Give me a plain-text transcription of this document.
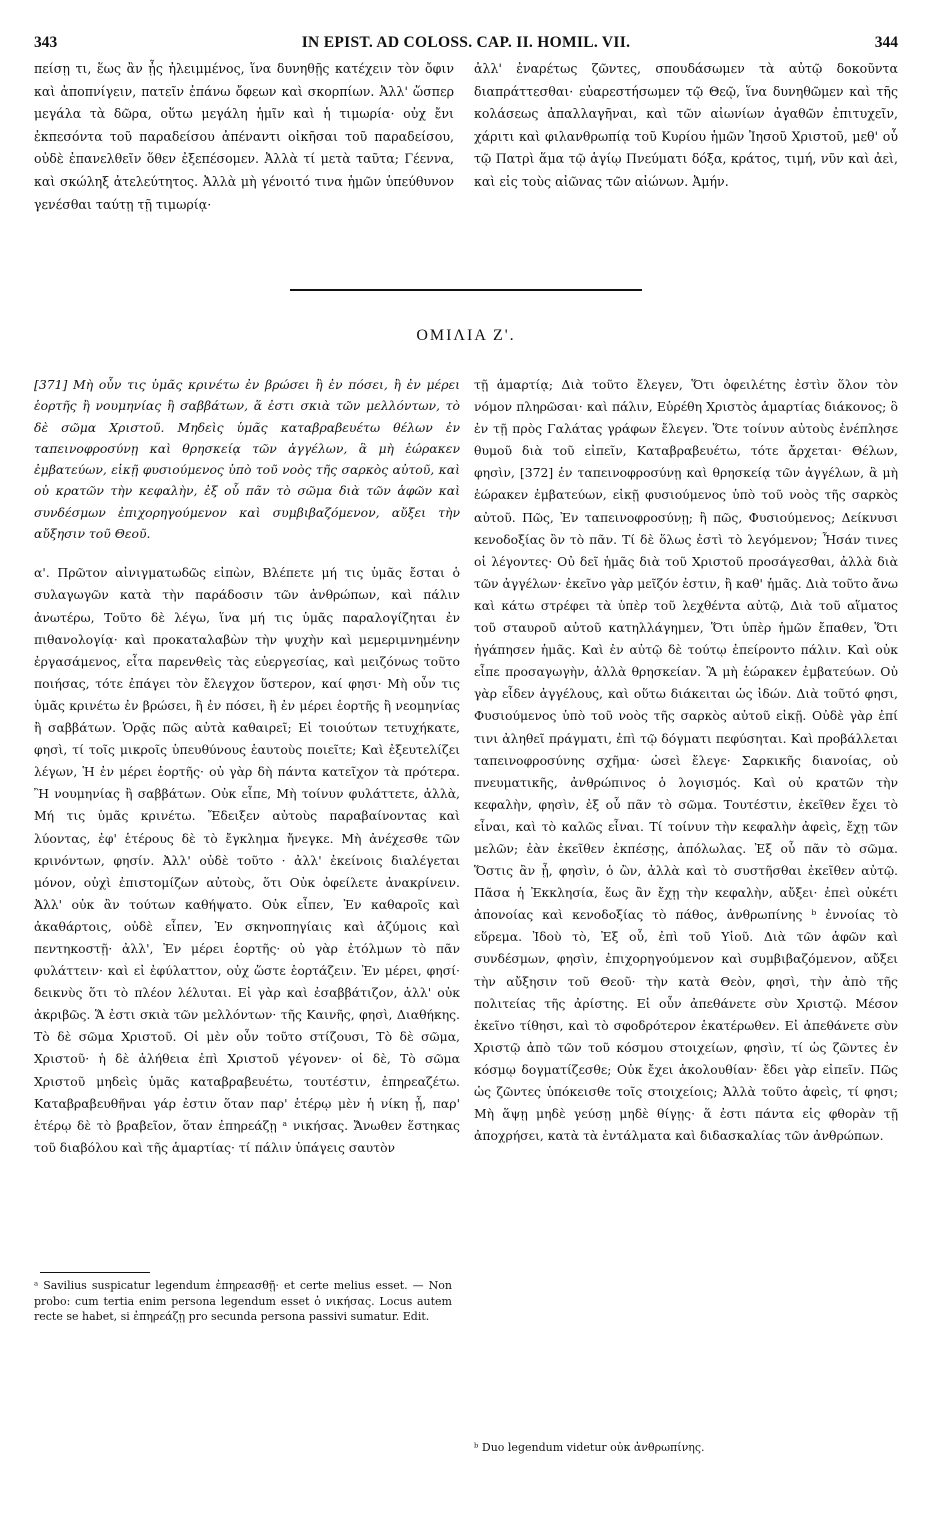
343	IN EPIST. AD COLOSS. CAP. II. HOMIL. VII.	344

πείσῃ τι, ἕως ἂν ᾖς ἠλειμμένος, ἵνα δυνηθῇς κατέχειν τὸν ὄφιν καὶ ἀποπνίγειν, πατεῖν ἐπάνω ὄφεων καὶ σκορπίων. Ἀλλ' ὥσπερ μεγάλα τὰ δῶρα, οὕτω μεγάλη ἡμῖν καὶ ἡ τιμωρία· οὐχ ἔνι ἐκπεσόντα τοῦ παραδείσου ἀπέναντι οἰκῆσαι τοῦ παραδείσου, οὐδὲ ἐπανελθεῖν ὅθεν ἐξεπέσομεν. Ἀλλὰ τί μετὰ ταῦτα; Γέεννα, καὶ σκώληξ ἀτελεύτητος. Ἀλλὰ μὴ γένοιτό τινα ἡμῶν ὑπεύθυνον γενέσθαι ταύτῃ τῇ τιμωρίᾳ·

ἀλλ' ἐναρέτως ζῶντες, σπουδάσωμεν τὰ αὐτῷ δοκοῦντα διαπράττεσθαι· εὐαρεστήσωμεν τῷ Θεῷ, ἵνα δυνηθῶμεν καὶ τῆς κολάσεως ἀπαλλαγῆναι, καὶ τῶν αἰωνίων ἀγαθῶν ἐπιτυχεῖν, χάριτι καὶ φιλανθρωπίᾳ τοῦ Κυρίου ἡμῶν Ἰησοῦ Χριστοῦ, μεθ' οὗ τῷ Πατρὶ ἅμα τῷ ἁγίῳ Πνεύματι δόξα, κράτος, τιμή, νῦν καὶ ἀεὶ, καὶ εἰς τοὺς αἰῶνας τῶν αἰώνων. Ἀμήν.

ΟΜΙΛΙΑ Ζ'.

[371] Μὴ οὖν τις ὑμᾶς κρινέτω ἐν βρώσει ἢ ἐν πόσει, ἢ ἐν μέρει ἑορτῆς ἢ νουμηνίας ἢ σαββάτων, ἅ ἐστι σκιὰ τῶν μελλόντων, τὸ δὲ σῶμα Χριστοῦ. Μηδεὶς ὑμᾶς καταβραβευέτω θέλων ἐν ταπεινοφροσύνῃ καὶ θρησκείᾳ τῶν ἀγγέλων, ἃ μὴ ἑώρακεν ἐμβατεύων, εἰκῇ φυσιούμενος ὑπὸ τοῦ νοὸς τῆς σαρκὸς αὐτοῦ, καὶ οὐ κρατῶν τὴν κεφαλὴν, ἐξ οὗ πᾶν τὸ σῶμα διὰ τῶν ἁφῶν καὶ συνδέσμων ἐπιχορηγούμενον καὶ συμβιβαζόμενον, αὔξει τὴν αὔξησιν τοῦ Θεοῦ.

α'. Πρῶτον αἰνιγματωδῶς εἰπὼν, Βλέπετε μή τις ὑμᾶς ἔσται ὁ συλαγωγῶν κατὰ τὴν παράδοσιν τῶν ἀνθρώπων, καὶ πάλιν ἀνωτέρω, Τοῦτο δὲ λέγω, ἵνα μή τις ὑμᾶς παραλογίζηται ἐν πιθανολογίᾳ· καὶ προκαταλαβὼν τὴν ψυχὴν καὶ μεμεριμνημένην ἐργασάμενος, εἶτα παρενθεὶς τὰς εὐεργεσίας, καὶ μειζόνως τοῦτο ποιήσας, τότε ἐπάγει τὸν ἔλεγχον ὕστερον, καί φησι· Μὴ οὖν τις ὑμᾶς κρινέτω ἐν βρώσει, ἢ ἐν πόσει, ἢ ἐν μέρει ἑορτῆς ἢ νεομηνίας ἢ σαββάτων. Ὁρᾷς πῶς αὐτὰ καθαιρεῖ; Εἰ τοιούτων τετυχήκατε, φησὶ, τί τοῖς μικροῖς ὑπευθύνους ἑαυτοὺς ποιεῖτε; Καὶ ἐξευτελίζει λέγων, Ἡ ἐν μέρει ἑορτῆς· οὐ γὰρ δὴ πάντα κατεῖχον τὰ πρότερα. Ἢ νουμηνίας ἢ σαββάτων. Οὐκ εἶπε, Μὴ τοίνυν φυλάττετε, ἀλλὰ, Μή τις ὑμᾶς κρινέτω. Ἔδειξεν αὐτοὺς παραβαίνοντας καὶ λύοντας, ἐφ' ἑτέρους δὲ τὸ ἔγκλημα ἤνεγκε. Μὴ ἀνέχεσθε τῶν κρινόντων, φησίν. Ἀλλ' οὐδὲ τοῦτο · ἀλλ' ἐκείνοις διαλέγεται μόνον, οὐχὶ ἐπιστομίζων αὐτοὺς, ὅτι Οὐκ ὀφείλετε ἀνακρίνειν. Ἀλλ' οὐκ ἂν τούτων καθήψατο. Οὐκ εἶπεν, Ἐν καθαροῖς καὶ ἀκαθάρτοις, οὐδὲ εἶπεν, Ἐν σκηνοπηγίαις καὶ ἀζύμοις καὶ πεντηκοστῇ· ἀλλ', Ἐν μέρει ἑορτῆς· οὐ γὰρ ἐτόλμων τὸ πᾶν φυλάττειν· καὶ εἰ ἐφύλαττον, οὐχ ὥστε ἑορτάζειν. Ἐν μέρει, φησί· δεικνὺς ὅτι τὸ πλέον λέλυται. Εἰ γὰρ καὶ ἐσαββάτιζον, ἀλλ' οὐκ ἀκριβῶς. Ἅ ἐστι σκιὰ τῶν μελλόντων· τῆς Καινῆς, φησὶ, Διαθήκης. Τὸ δὲ σῶμα Χριστοῦ. Οἱ μὲν οὖν τοῦτο στίζουσι, Τὸ δὲ σῶμα, Χριστοῦ· ἡ δὲ ἀλήθεια ἐπὶ Χριστοῦ γέγονεν· οἱ δὲ, Τὸ σῶμα Χριστοῦ μηδεὶς ὑμᾶς καταβραβευέτω, τουτέστιν, ἐπηρεαζέτω. Καταβραβευθῆναι γάρ ἐστιν ὅταν παρ' ἑτέρῳ μὲν ἡ νίκη ᾖ, παρ' ἑτέρῳ δὲ τὸ βραβεῖον, ὅταν ἐπηρεάζῃ ᵃ νικήσας. Ἄνωθεν ἕστηκας τοῦ διαβόλου καὶ τῆς ἁμαρτίας· τί πάλιν ὑπάγεις σαυτὸν

τῇ ἁμαρτίᾳ; Διὰ τοῦτο ἔλεγεν, Ὅτι ὀφειλέτης ἐστὶν ὅλον τὸν νόμον πληρῶσαι· καὶ πάλιν, Εὑρέθη Χριστὸς ἁμαρτίας διάκονος; ὃ ἐν τῇ πρὸς Γαλάτας γράφων ἔλεγεν. Ὅτε τοίνυν αὐτοὺς ἐνέπλησε θυμοῦ διὰ τοῦ εἰπεῖν, Καταβραβευέτω, τότε ἄρχεται· Θέλων, φησὶν, [372] ἐν ταπεινοφροσύνῃ καὶ θρησκείᾳ τῶν ἀγγέλων, ἃ μὴ ἑώρακεν ἐμβατεύων, εἰκῇ φυσιούμενος ὑπὸ τοῦ νοὸς τῆς σαρκὸς αὐτοῦ. Πῶς, Ἐν ταπεινοφροσύνῃ; ἢ πῶς, Φυσιούμενος; Δείκνυσι κενοδοξίας ὂν τὸ πᾶν. Τί δὲ ὅλως ἐστὶ τὸ λεγόμενον; Ἦσάν τινες οἱ λέγοντες· Οὐ δεῖ ἡμᾶς διὰ τοῦ Χριστοῦ προσάγεσθαι, ἀλλὰ διὰ τῶν ἀγγέλων· ἐκεῖνο γὰρ μεῖζόν ἐστιν, ἢ καθ' ἡμᾶς. Διὰ τοῦτο ἄνω καὶ κάτω στρέφει τὰ ὑπὲρ τοῦ λεχθέντα αὐτῷ, Διὰ τοῦ αἵματος τοῦ σταυροῦ αὐτοῦ κατηλλάγημεν, Ὅτι ὑπὲρ ἡμῶν ἔπαθεν, Ὅτι ἠγάπησεν ἡμᾶς. Καὶ ἐν αὐτῷ δὲ τούτῳ ἐπείροντο πάλιν. Καὶ οὐκ εἶπε προσαγωγὴν, ἀλλὰ θρησκείαν. Ἃ μὴ ἑώρακεν ἐμβατεύων. Οὐ γὰρ εἶδεν ἀγγέλους, καὶ οὕτω διάκειται ὡς ἰδών. Διὰ τοῦτό φησι, Φυσιούμενος ὑπὸ τοῦ νοὸς τῆς σαρκὸς αὐτοῦ εἰκῇ. Οὐδὲ γὰρ ἐπί τινι ἀληθεῖ πράγματι, ἐπὶ τῷ δόγματι πεφύσηται. Καὶ προβάλλεται ταπεινοφροσύνης σχῆμα· ὡσεὶ ἔλεγε· Σαρκικῆς διανοίας, οὐ πνευματικῆς, ἀνθρώπινος ὁ λογισμός. Καὶ οὐ κρατῶν τὴν κεφαλὴν, φησὶν, ἐξ οὗ πᾶν τὸ σῶμα. Τουτέστιν, ἐκεῖθεν ἔχει τὸ εἶναι, καὶ τὸ καλῶς εἶναι. Τί τοίνυν τὴν κεφαλὴν ἀφεὶς, ἔχῃ τῶν μελῶν; ἐὰν ἐκεῖθεν ἐκπέσῃς, ἀπόλωλας. Ἐξ οὗ πᾶν τὸ σῶμα. Ὅστις ἂν ᾖ, φησὶν, ὁ ὢν, ἀλλὰ καὶ τὸ συστῆσθαι ἐκεῖθεν αὐτῷ. Πᾶσα ἡ Ἐκκλησία, ἕως ἂν ἔχῃ τὴν κεφαλὴν, αὔξει· ἐπεὶ οὐκέτι ἀπονοίας καὶ κενοδοξίας τὸ πάθος, ἀνθρωπίνης ᵇ ἐννοίας τὸ εὕρεμα. Ἰδοὺ τὸ, Ἐξ οὗ, ἐπὶ τοῦ Υἱοῦ. Διὰ τῶν ἁφῶν καὶ συνδέσμων, φησὶν, ἐπιχορηγούμενον καὶ συμβιβαζόμενον, αὔξει τὴν αὔξησιν τοῦ Θεοῦ· τὴν κατὰ Θεὸν, φησὶ, τὴν ἀπὸ τῆς πολιτείας τῆς ἀρίστης. Εἰ οὖν ἀπεθάνετε σὺν Χριστῷ. Μέσον ἐκεῖνο τίθησι, καὶ τὸ σφοδρότερον ἑκατέρωθεν. Εἰ ἀπεθάνετε σὺν Χριστῷ ἀπὸ τῶν τοῦ κόσμου στοιχείων, φησὶν, τί ὡς ζῶντες ἐν κόσμῳ δογματίζεσθε; Οὐκ ἔχει ἀκολουθίαν· ἔδει γὰρ εἰπεῖν. Πῶς ὡς ζῶντες ὑπόκεισθε τοῖς στοιχείοις; Ἀλλὰ τοῦτο ἀφεὶς, τί φησι; Μὴ ἅψῃ μηδὲ γεύσῃ μηδὲ θίγῃς· ἅ ἐστι πάντα εἰς φθορὰν τῇ ἀποχρήσει, κατὰ τὰ ἐντάλματα καὶ διδασκαλίας τῶν ἀνθρώπων.

ᵃ Savilius suspicatur legendum ἐπηρεασθῇ· et certe melius esset. — Non probo: cum tertia enim persona legendum esset ὁ νικήσας. Locus autem recte se habet, si ἐπηρεάζῃ pro secunda persona passivi sumatur. Edit.
ᵇ Duo legendum videtur οὐκ ἀνθρωπίνης.
